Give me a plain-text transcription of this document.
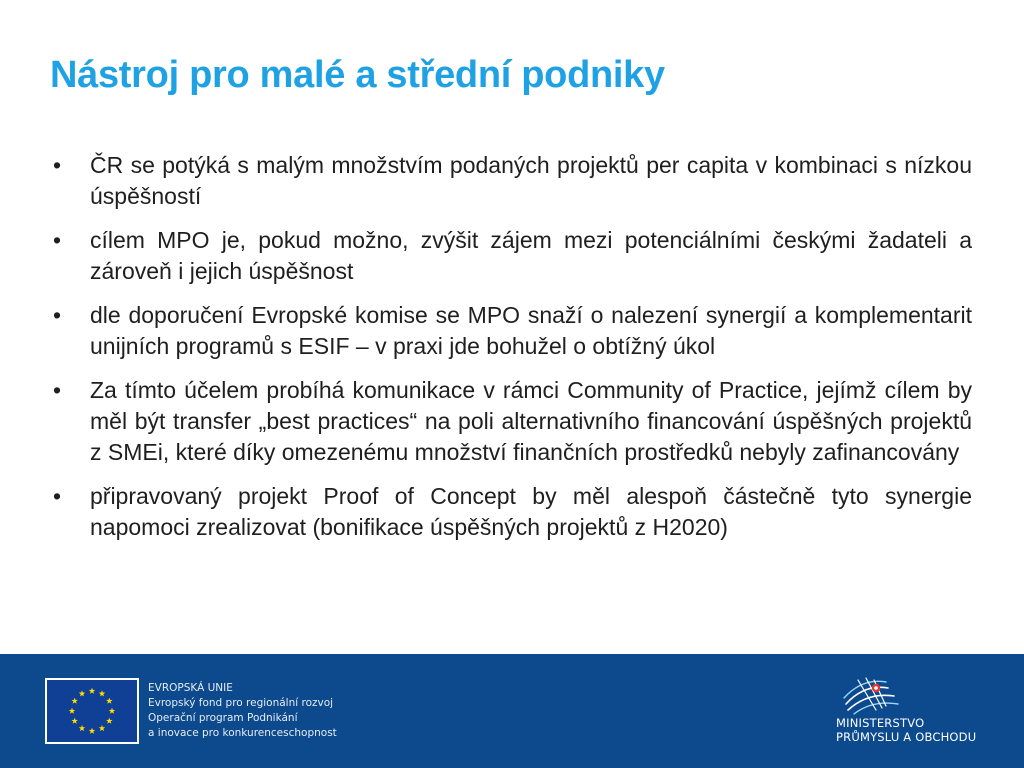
Nástroj pro malé a střední podniky
• ČR se potýká s malým množstvím podaných projektů per capita v kombinaci s nízkou úspěšností
• cílem MPO je, pokud možno, zvýšit zájem mezi potenciálními českými žadateli a zároveň i jejich úspěšnost
• dle doporučení Evropské komise se MPO snaží o nalezení synergií a komplementarit unijních programů s ESIF – v praxi jde bohužel o obtížný úkol
• Za tímto účelem probíhá komunikace v rámci Community of Practice, jejímž cílem by měl být transfer „best practices“ na poli alternativního financování úspěšných projektů z SMEi, které díky omezenému množství finančních prostředků nebyly zafinancovány
• připravovaný projekt Proof of Concept by měl alespoň částečně tyto synergie napomoci zrealizovat (bonifikace úspěšných projektů z H2020)
EVROPSKÁ UNIE
Evropský fond pro regionální rozvoj
Operační program Podnikání
a inovace pro konkurenceschopnost
MINISTERSTVO
PRŮMYSLU A OBCHODU
